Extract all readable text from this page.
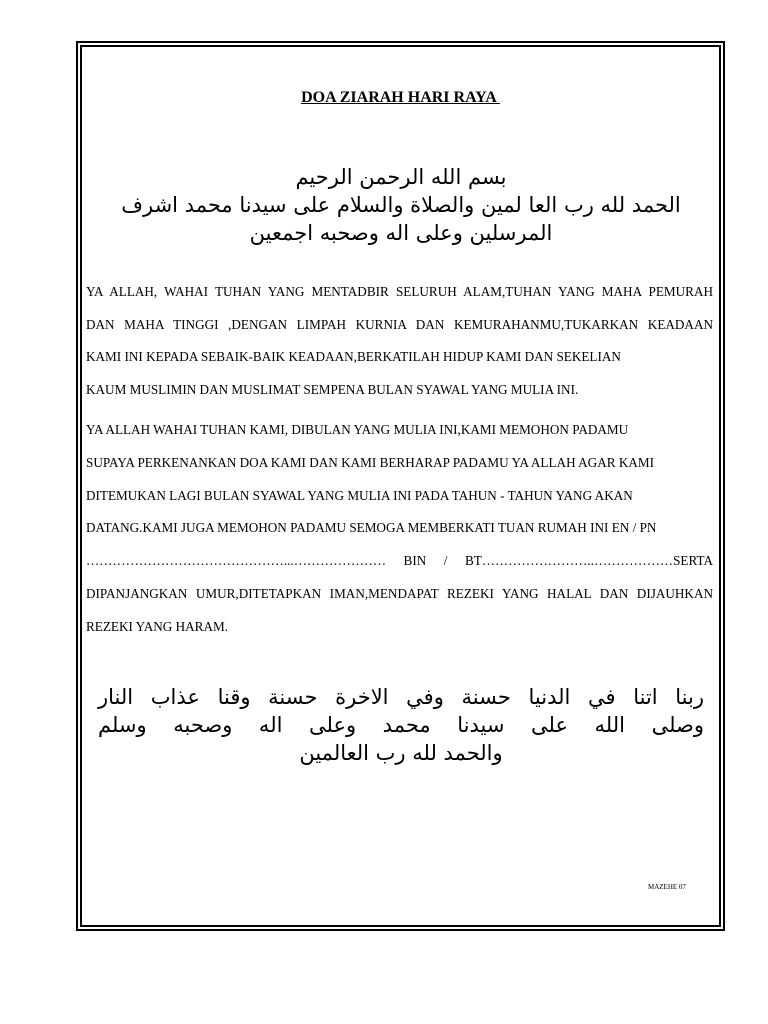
DOA ZIARAH HARI RAYA
بسم الله الرحمن الرحيم
الحمد لله رب العا لمين والصلاة والسلام على سيدنا محمد اشرف
المرسلين وعلى اله وصحبه اجمعين
YA ALLAH, WAHAI TUHAN YANG MENTADBIR SELURUH ALAM,TUHAN YANG MAHA PEMURAH
DAN MAHA TINGGI ,DENGAN LIMPAH KURNIA DAN KEMURAHANMU,TUKARKAN KEADAAN
KAMI INI KEPADA SEBAIK-BAIK KEADAAN,BERKATILAH HIDUP KAMI DAN SEKELIAN
KAUM MUSLIMIN DAN MUSLIMAT SEMPENA BULAN SYAWAL YANG MULIA INI.
YA ALLAH WAHAI TUHAN KAMI, DIBULAN YANG MULIA INI,KAMI MEMOHON PADAMU
SUPAYA PERKENANKAN DOA KAMI DAN KAMI BERHARAP PADAMU YA ALLAH AGAR KAMI
DITEMUKAN LAGI BULAN SYAWAL YANG MULIA INI PADA TAHUN - TAHUN YANG AKAN
DATANG.KAMI JUGA MEMOHON PADAMU SEMOGA MEMBERKATI TUAN RUMAH INI EN / PN
………………………………………...………………… BIN / BT……………………..………………SERTA
DIPANJANGKAN UMUR,DITETAPKAN IMAN,MENDAPAT REZEKI YANG HALAL DAN DIJAUHKAN
REZEKI YANG HARAM.
ربنا اتنا في الدنيا حسنة وفي الاخرة حسنة وقنا عذاب النار
وصلى الله على سيدنا محمد وعلى اله وصحبه وسلم
والحمد لله رب العالمين
MAZEHE 07
